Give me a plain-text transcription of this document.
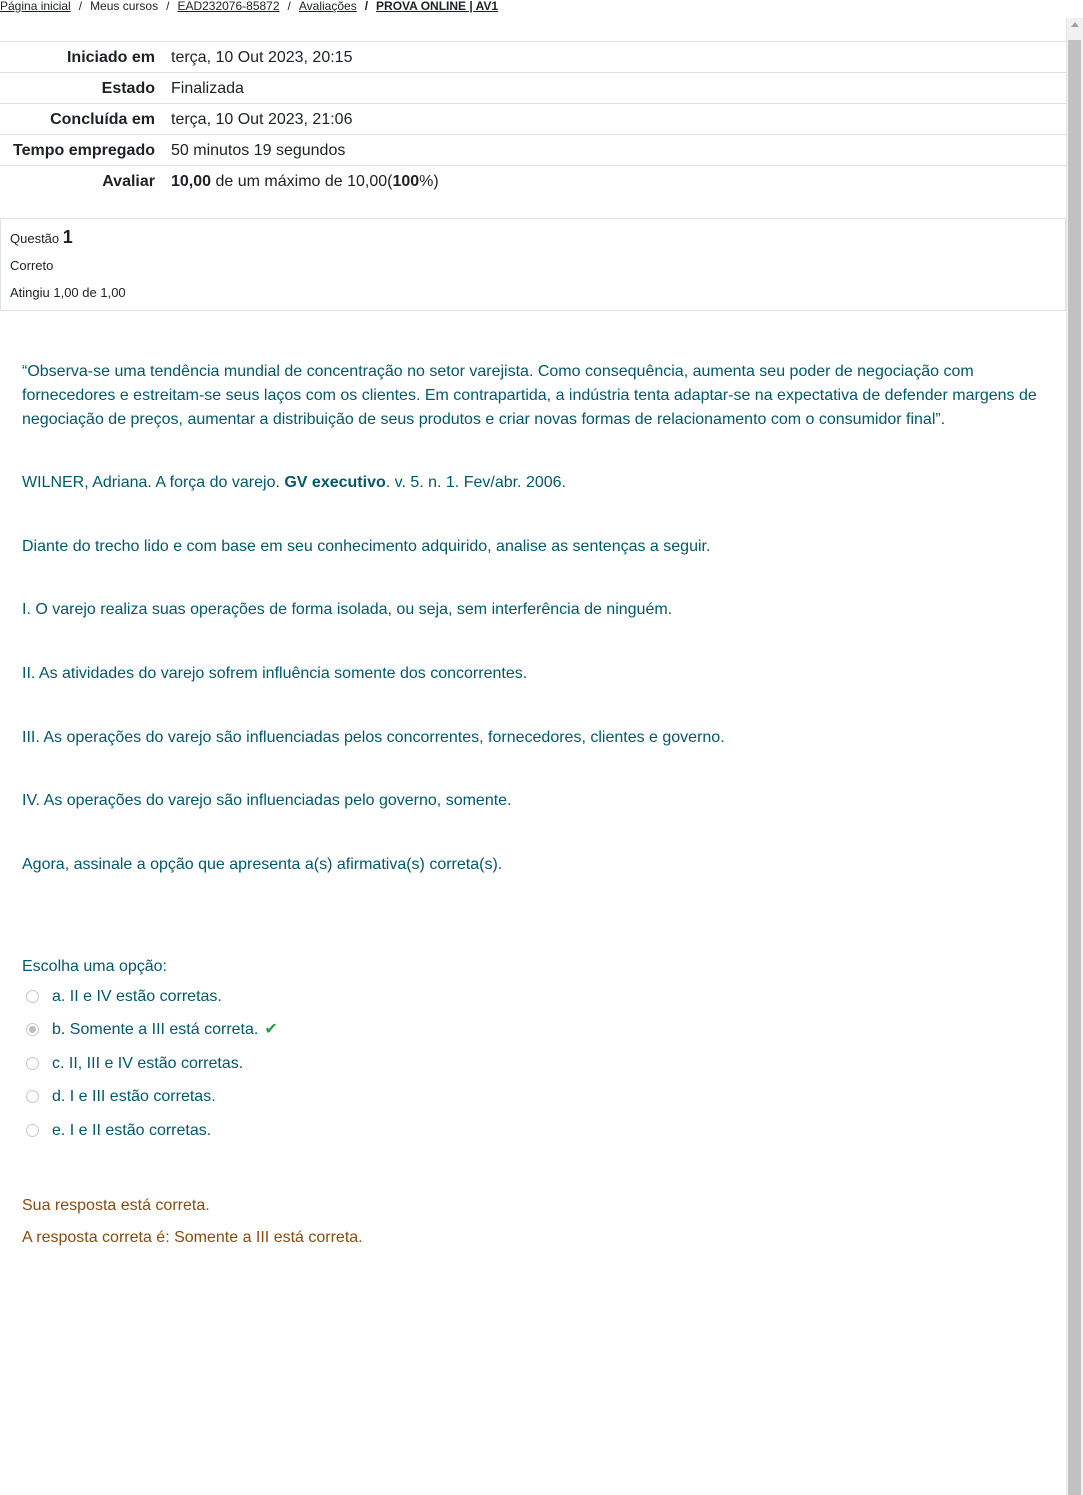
Página inicial / Meus cursos / EAD232076-85872 / Avaliações / PROVA ONLINE | AV1
Iniciado em	terça, 10 Out 2023, 20:15
Estado	Finalizada
Concluída em	terça, 10 Out 2023, 21:06
Tempo empregado	50 minutos 19 segundos
Avaliar	10,00 de um máximo de 10,00(100%)
Questão 1
Correto
Atingiu 1,00 de 1,00

“Observa-se uma tendência mundial de concentração no setor varejista. Como consequência, aumenta seu poder de negociação com fornecedores e estreitam-se seus laços com os clientes. Em contrapartida, a indústria tenta adaptar-se na expectativa de defender margens de negociação de preços, aumentar a distribuição de seus produtos e criar novas formas de relacionamento com o consumidor final”.

WILNER, Adriana. A força do varejo. GV executivo. v. 5. n. 1. Fev/abr. 2006.

Diante do trecho lido e com base em seu conhecimento adquirido, analise as sentenças a seguir.

I. O varejo realiza suas operações de forma isolada, ou seja, sem interferência de ninguém.

II. As atividades do varejo sofrem influência somente dos concorrentes.

III. As operações do varejo são influenciadas pelos concorrentes, fornecedores, clientes e governo.

IV. As operações do varejo são influenciadas pelo governo, somente.

Agora, assinale a opção que apresenta a(s) afirmativa(s) correta(s).

Escolha uma opção:
a. II e IV estão corretas.
b. Somente a III está correta. ✔
c. II, III e IV estão corretas.
d. I e III estão corretas.
e. I e II estão corretas.
Sua resposta está correta.
A resposta correta é: Somente a III está correta.
